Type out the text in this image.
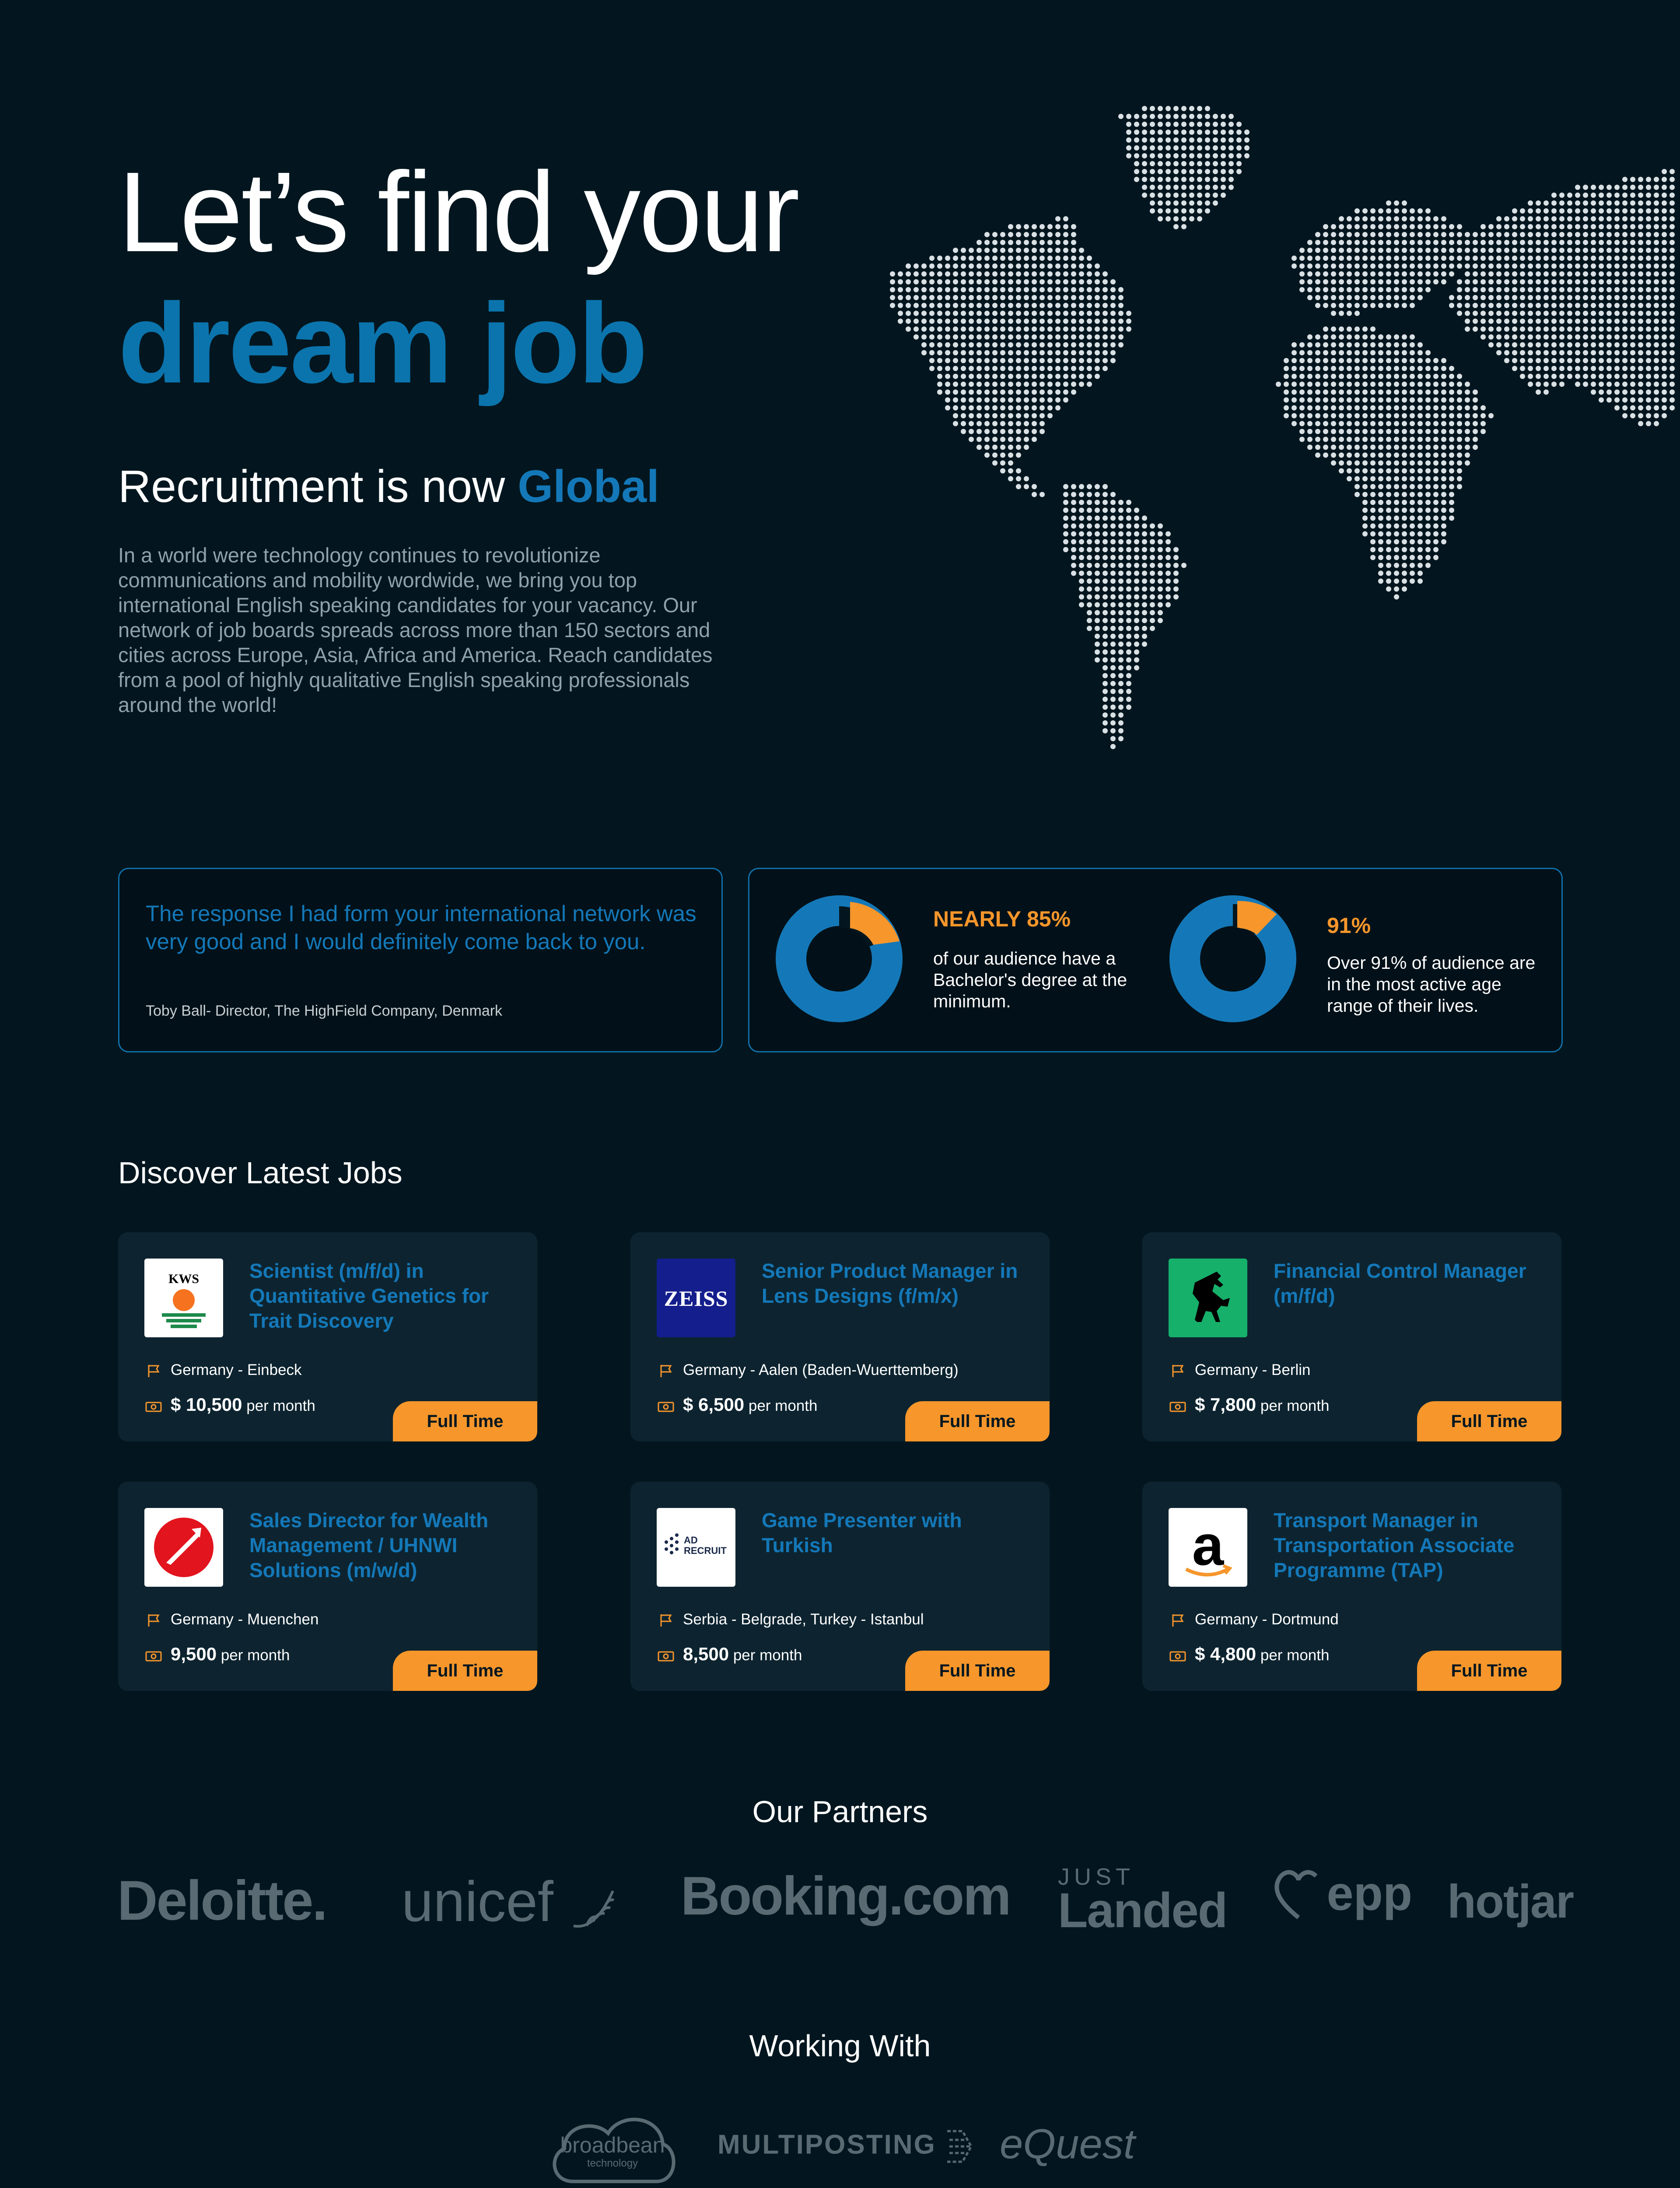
Let’s find your
dream job
Recruitment is now Global
In a world were technology continues to revolutionize communications and mobility wordwide, we bring you top international English speaking candidates for your vacancy. Our network of job boards spreads across more than 150 sectors and cities across Europe, Asia, Africa and America. Reach candidates from a pool of highly qualitative English speaking professionals around the world!
The response I had form your international network was very good and I would definitely come back to you.
Toby Ball- Director, The HighField Company, Denmark
NEARLY 85%
of our audience have a Bachelor's degree at the minimum.
91%
Over 91% of audience are in the most active age range of their lives.
Discover Latest Jobs
KWS	Scientist (m/f/d) in Quantitative Genetics for Trait Discovery
Germany - Einbeck
$ 10,500 per month
Full Time
ZEISS
Senior Product Manager in Lens Designs (f/m/x)
Germany - Aalen (Baden-Wuerttemberg)
$ 6,500 per month
Full Time
Financial Control Manager (m/f/d)
Germany - Berlin
$ 7,800 per month
Full Time
Sales Director for Wealth Management / UHNWI Solutions (m/w/d)
Germany - Muenchen
9,500 per month
Full Time
AD RECRUIT
Game Presenter with Turkish
Serbia - Belgrade, Turkey - Istanbul
8,500 per month
Full Time
a	Transport Manager in Transportation Associate Programme (TAP)
Germany - Dortmund
$ 4,800 per month
Full Time
Our Partners
Deloitte. unicef	Booking.com JUST
Landed	epp hotjar
Working With
broadbean
technology
MULTIPOSTING	eQuest
